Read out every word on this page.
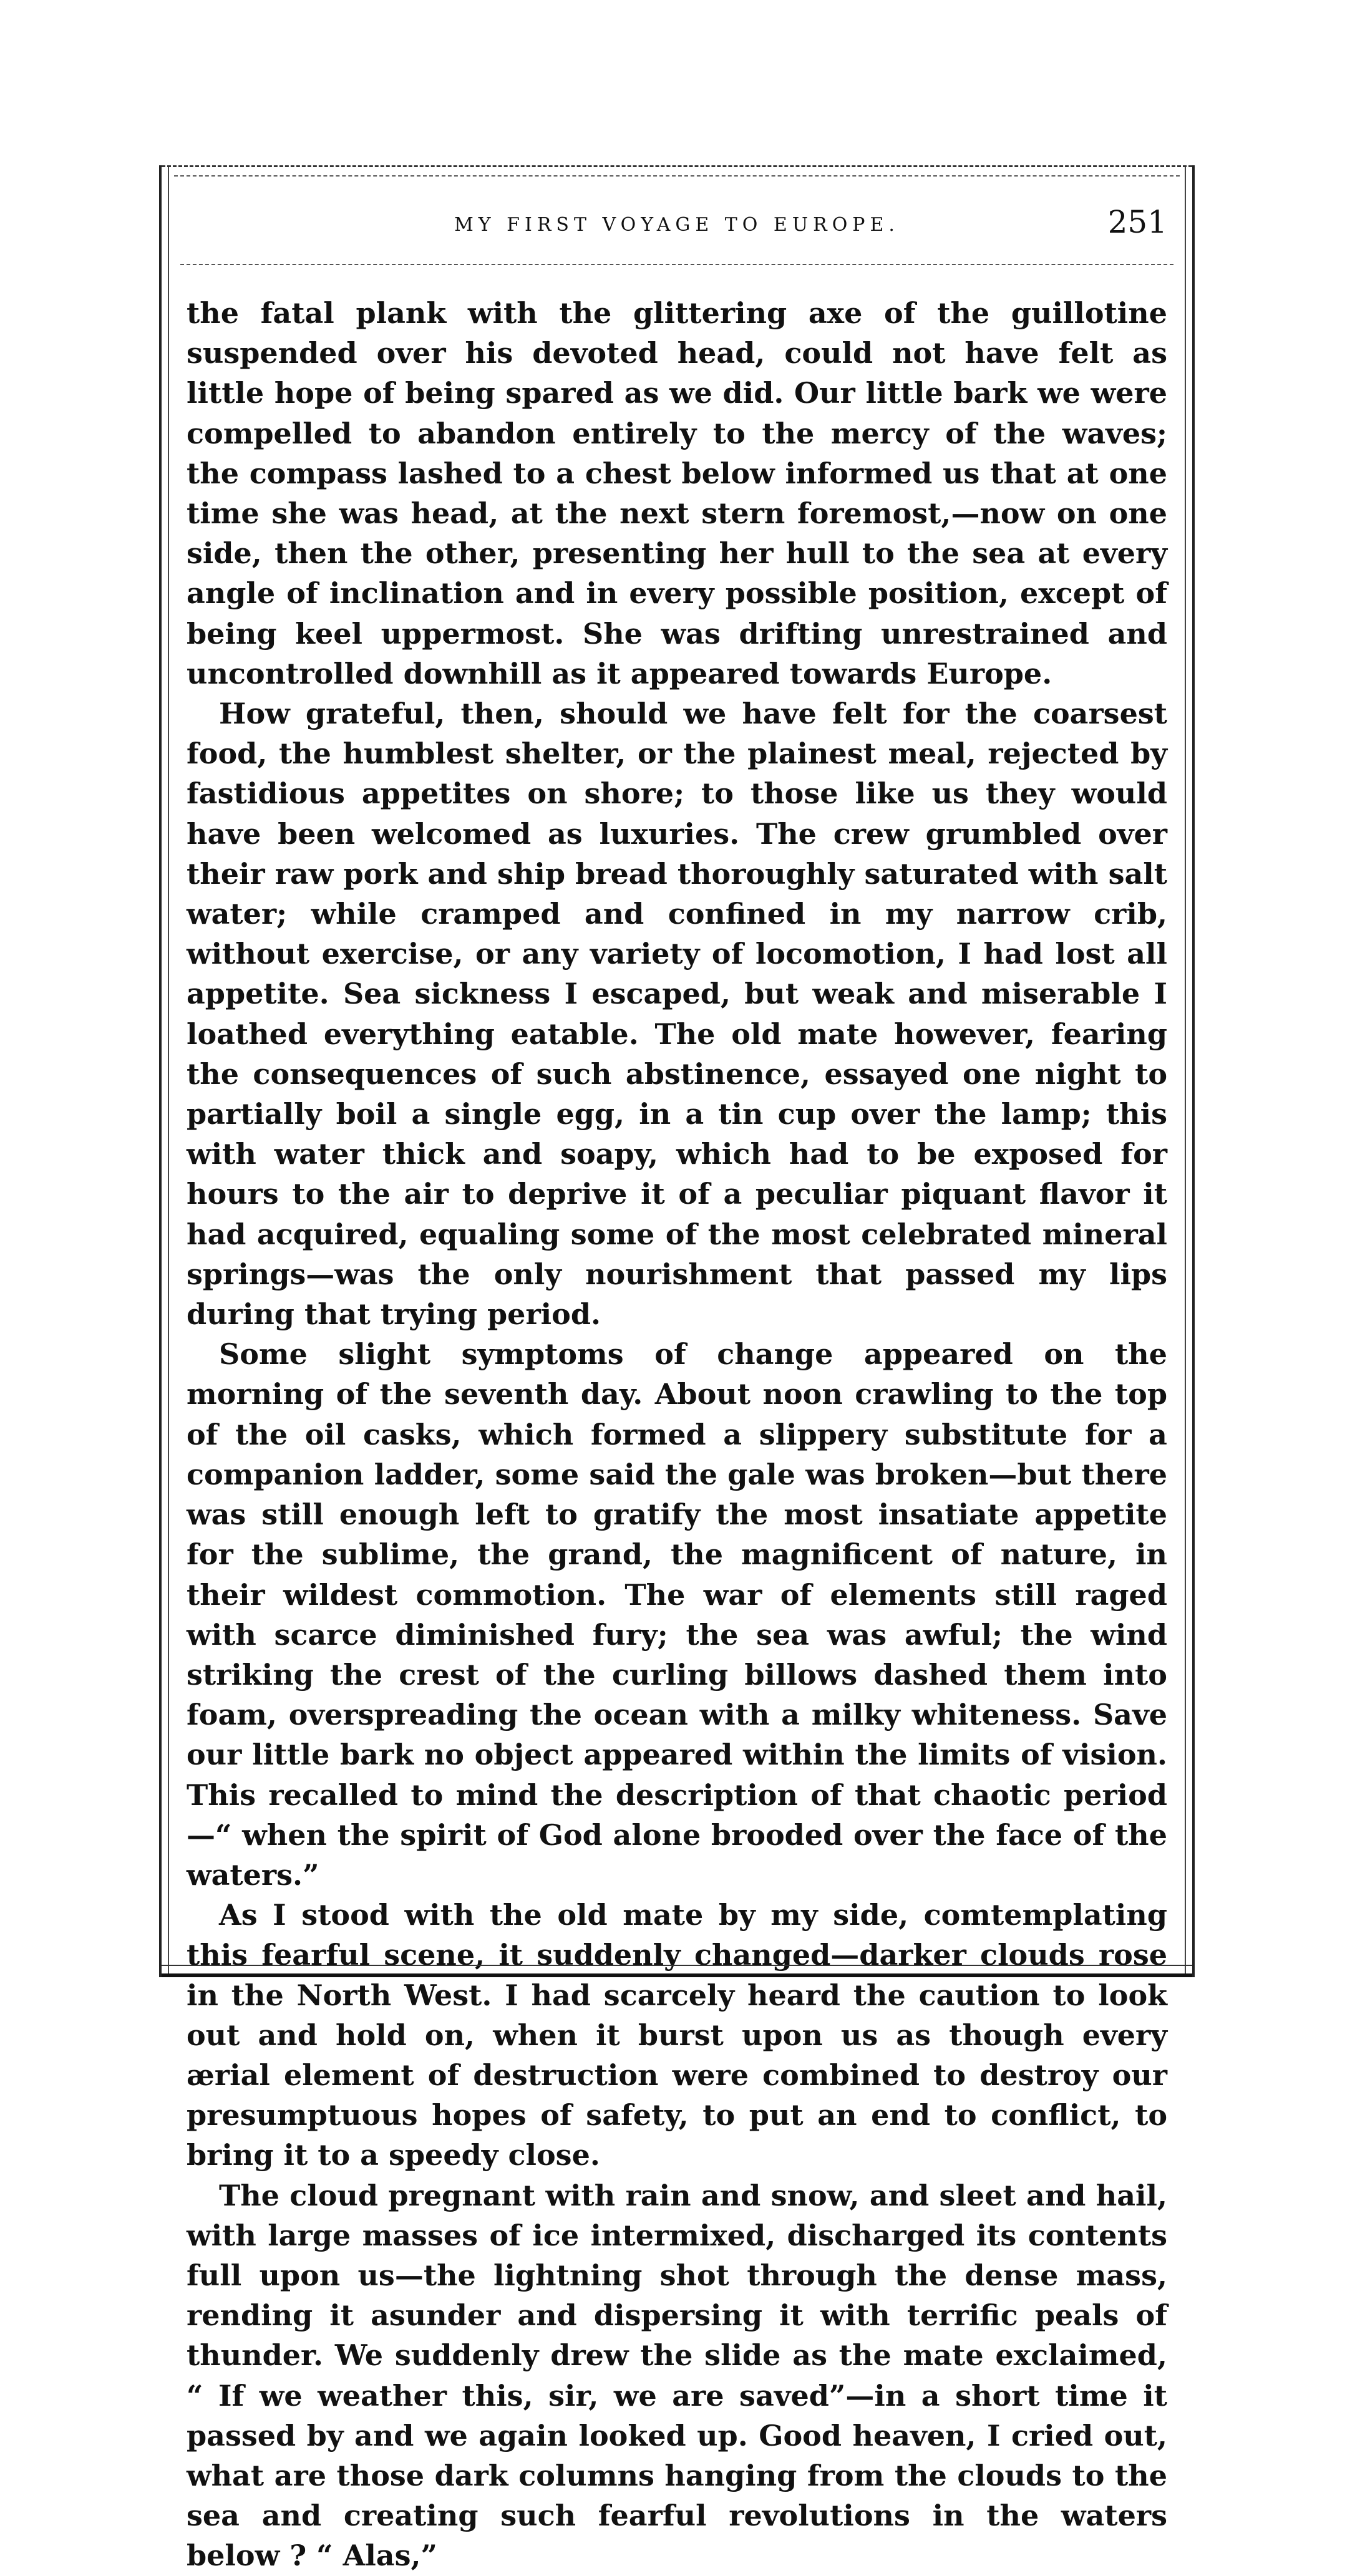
MY FIRST VOYAGE TO EUROPE.	251

the fatal plank with the glittering axe of the guillotine suspended over his devoted head, could not have felt as little hope of being spared as we did. Our little bark we were compelled to abandon entirely to the mercy of the waves; the compass lashed to a chest below informed us that at one time she was head, at the next stern foremost,—now on one side, then the other, presenting her hull to the sea at every angle of inclination and in every possible position, except of being keel uppermost. She was drifting unrestrained and uncontrolled downhill as it appeared towards Europe.

How grateful, then, should we have felt for the coarsest food, the humblest shelter, or the plainest meal, rejected by fastidious appetites on shore; to those like us they would have been welcomed as luxuries. The crew grumbled over their raw pork and ship bread thoroughly saturated with salt water; while cramped and confined in my narrow crib, without exercise, or any variety of locomotion, I had lost all appetite. Sea sickness I escaped, but weak and miserable I loathed everything eatable. The old mate however, fearing the consequences of such abstinence, essayed one night to partially boil a single egg, in a tin cup over the lamp; this with water thick and soapy, which had to be exposed for hours to the air to deprive it of a peculiar piquant flavor it had acquired, equaling some of the most celebrated mineral springs—was the only nourishment that passed my lips during that trying period.

Some slight symptoms of change appeared on the morning of the seventh day. About noon crawling to the top of the oil casks, which formed a slippery substitute for a companion ladder, some said the gale was broken—but there was still enough left to gratify the most insatiate appetite for the sublime, the grand, the magnificent of nature, in their wildest commotion. The war of elements still raged with scarce diminished fury; the sea was awful; the wind striking the crest of the curling billows dashed them into foam, overspreading the ocean with a milky whiteness. Save our little bark no object appeared within the limits of vision. This recalled to mind the description of that chaotic period—“ when the spirit of God alone brooded over the face of the waters.”

As I stood with the old mate by my side, comtemplating this fearful scene, it suddenly changed—darker clouds rose in the North West. I had scarcely heard the caution to look out and hold on, when it burst upon us as though every ærial element of destruction were combined to destroy our presumptuous hopes of safety, to put an end to conflict, to bring it to a speedy close.

The cloud pregnant with rain and snow, and sleet and hail, with large masses of ice intermixed, discharged its contents full upon us—the lightning shot through the dense mass, rending it asunder and dispersing it with terrific peals of thunder. We suddenly drew the slide as the mate exclaimed, “ If we weather this, sir, we are saved”—in a short time it passed by and we again looked up. Good heaven, I cried out, what are those dark columns hanging from the clouds to the sea and creating such fearful revolutions in the waters below ? “ Alas,”
